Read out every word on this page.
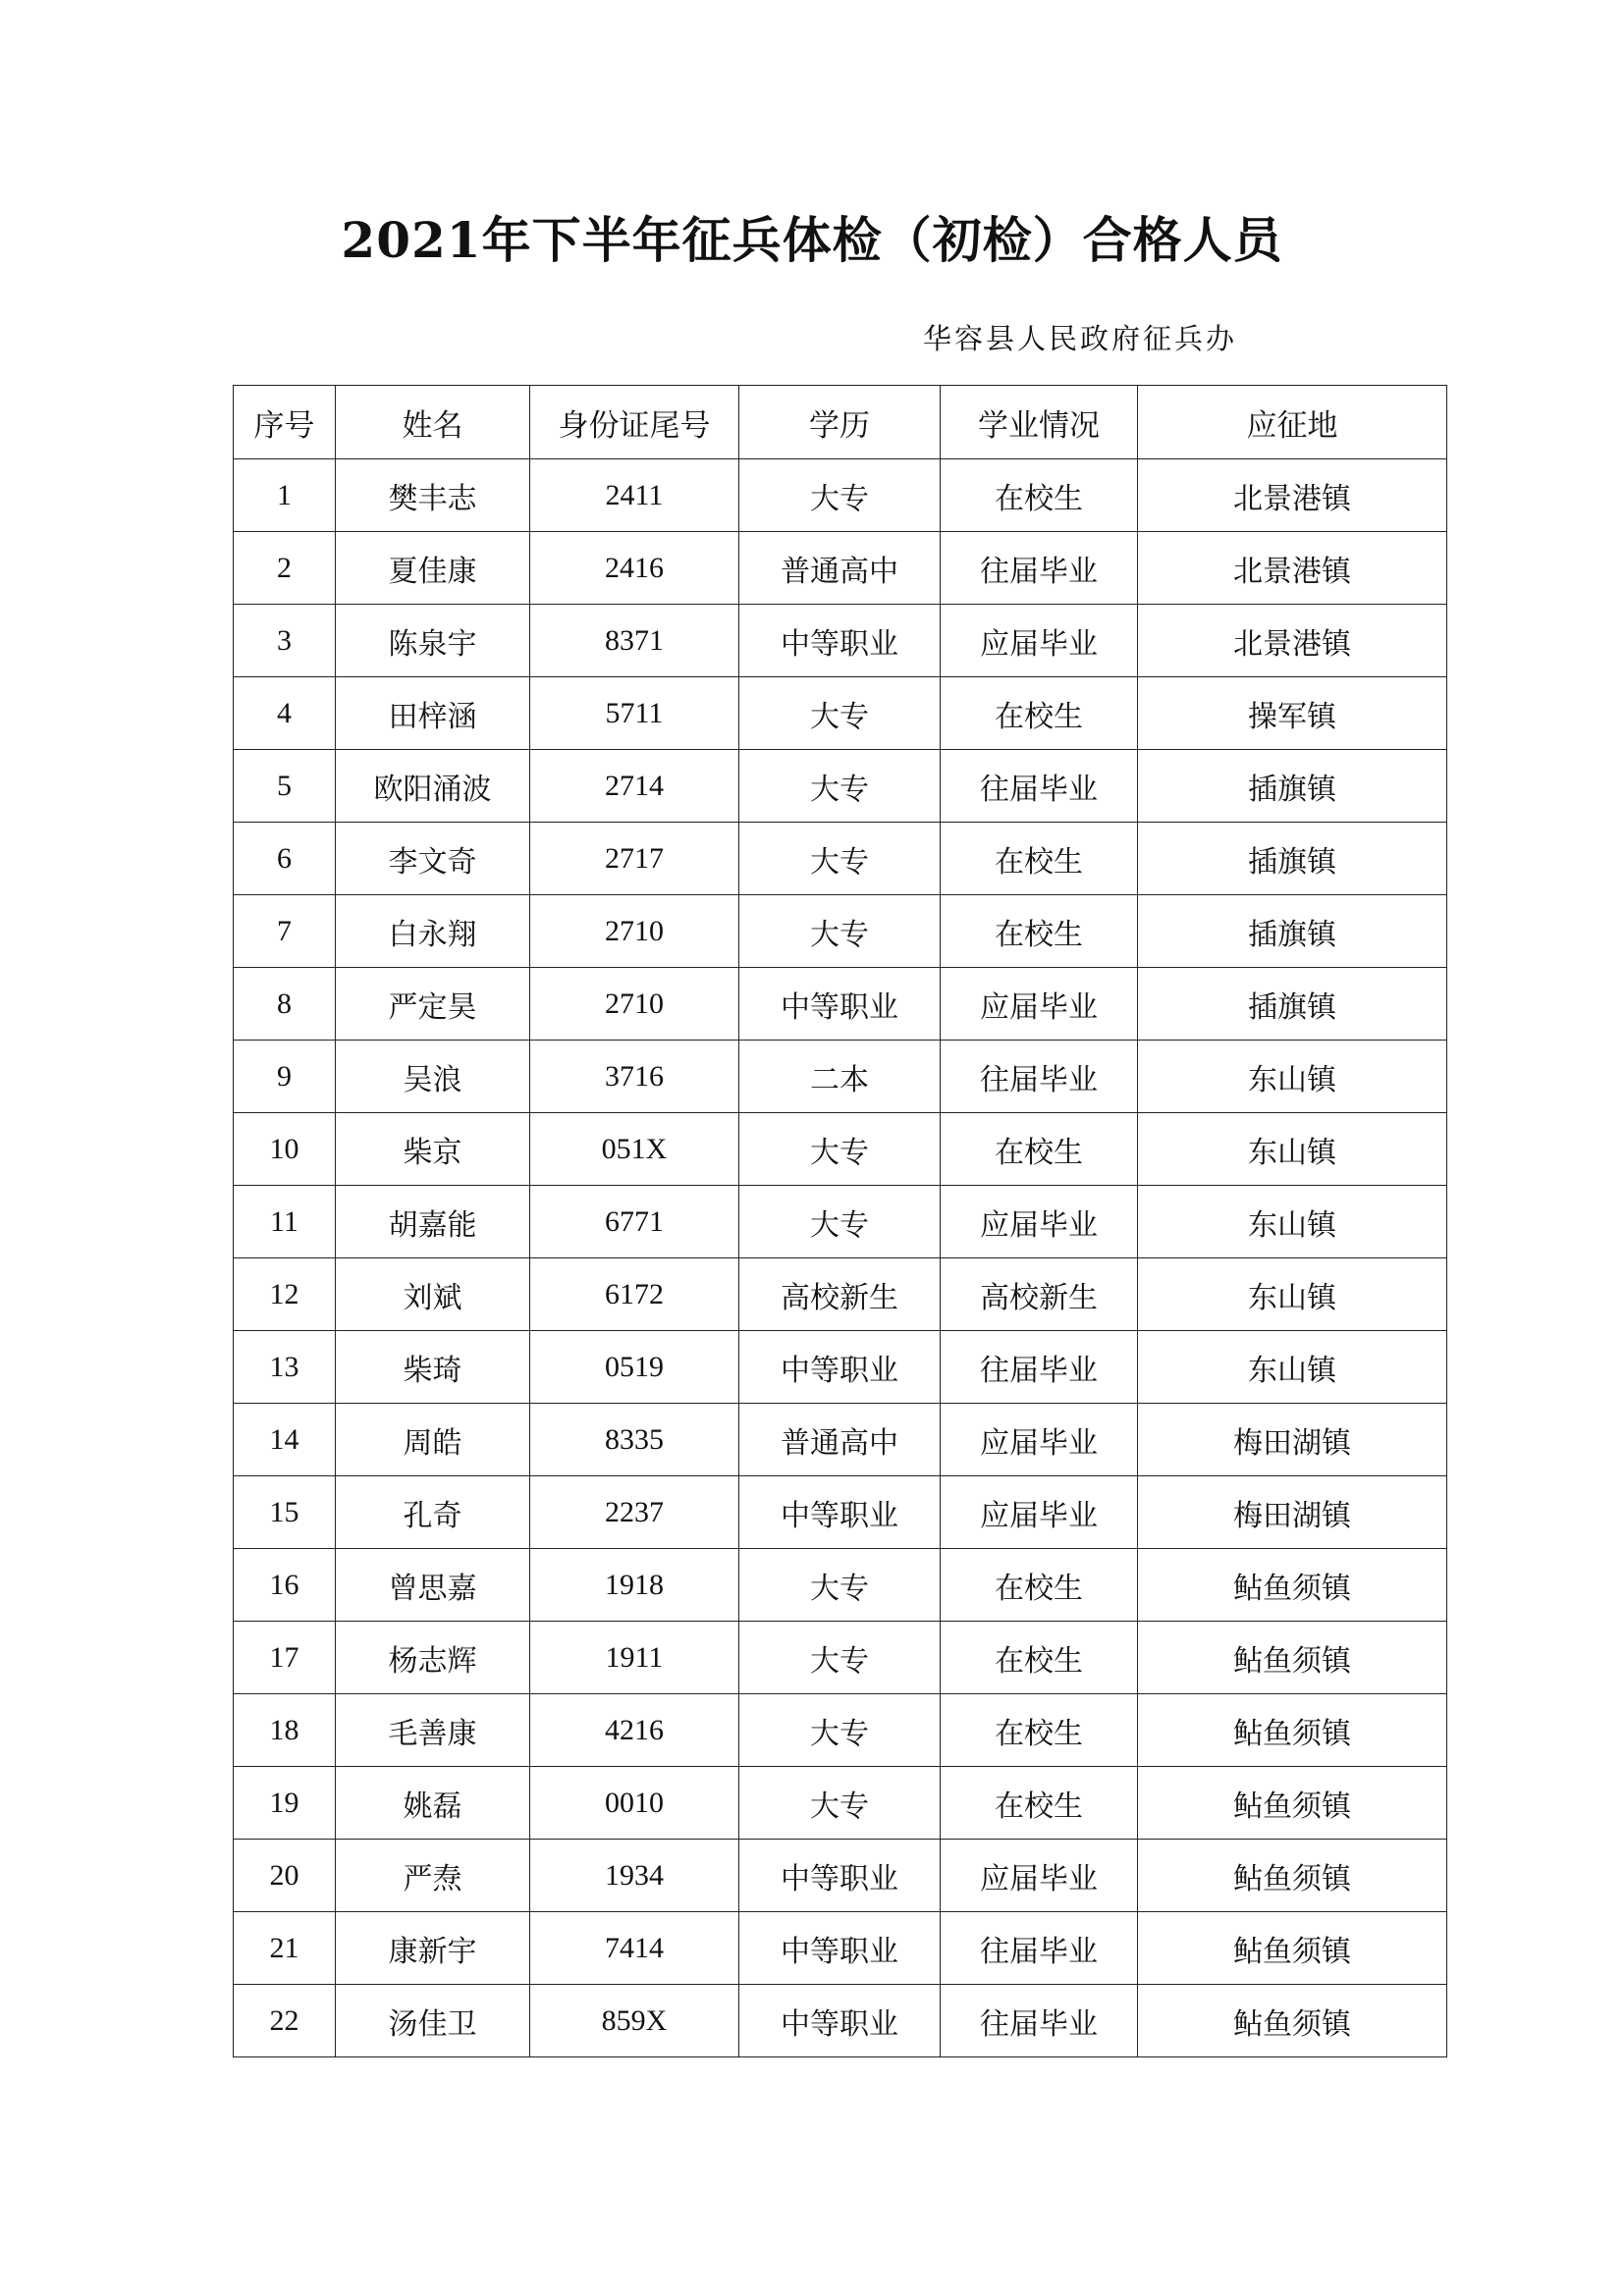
2021年下半年征兵体检（初检）合格人员

华容县人民政府征兵办

序号	姓名	身份证尾号	学历	学业情况	应征地
1	樊丰志	2411	大专	在校生	北景港镇
2	夏佳康	2416	普通高中	往届毕业	北景港镇
3	陈泉宇	8371	中等职业	应届毕业	北景港镇
4	田梓涵	5711	大专	在校生	操军镇
5	欧阳涌波	2714	大专	往届毕业	插旗镇
6	李文奇	2717	大专	在校生	插旗镇
7	白永翔	2710	大专	在校生	插旗镇
8	严定昊	2710	中等职业	应届毕业	插旗镇
9	吴浪	3716	二本	往届毕业	东山镇
10	柴京	051X	大专	在校生	东山镇
11	胡嘉能	6771	大专	应届毕业	东山镇
12	刘斌	6172	高校新生	高校新生	东山镇
13	柴琦	0519	中等职业	往届毕业	东山镇
14	周皓	8335	普通高中	应届毕业	梅田湖镇
15	孔奇	2237	中等职业	应届毕业	梅田湖镇
16	曾思嘉	1918	大专	在校生	鲇鱼须镇
17	杨志辉	1911	大专	在校生	鲇鱼须镇
18	毛善康	4216	大专	在校生	鲇鱼须镇
19	姚磊	0010	大专	在校生	鲇鱼须镇
20	严焘	1934	中等职业	应届毕业	鲇鱼须镇
21	康新宇	7414	中等职业	往届毕业	鲇鱼须镇
22	汤佳卫	859X	中等职业	往届毕业	鲇鱼须镇
